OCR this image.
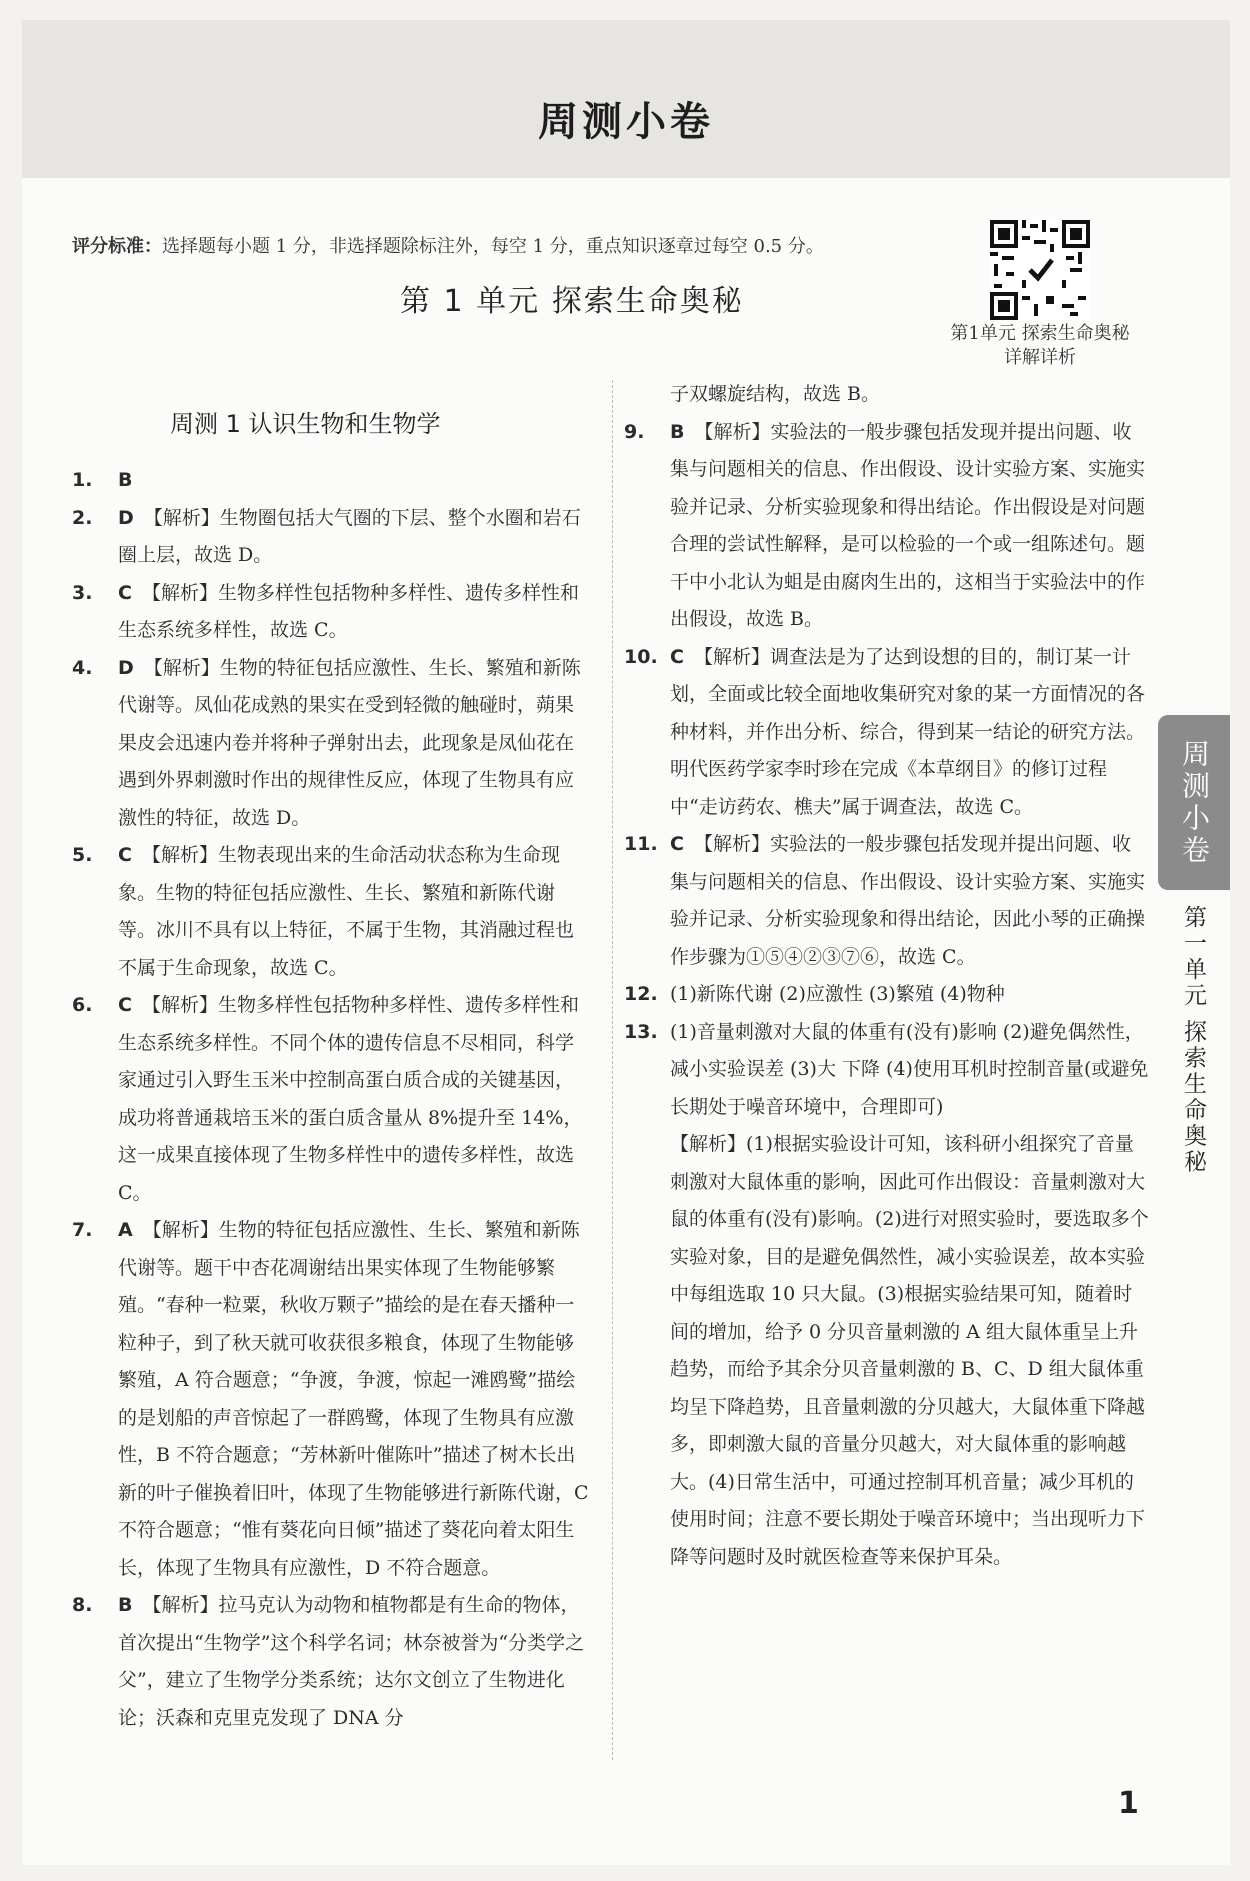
周测小卷
评分标准：选择题每小题 1 分，非选择题除标注外，每空 1 分，重点知识逐章过每空 0.5 分。
第 1 单元 探索生命奥秘
第1单元 探索生命奥秘
详解详析
周测 1 认识生物和生物学
1. B
2. D 【解析】生物圈包括大气圈的下层、整个水圈和岩石圈上层，故选 D。
3. C 【解析】生物多样性包括物种多样性、遗传多样性和生态系统多样性，故选 C。
4. D 【解析】生物的特征包括应激性、生长、繁殖和新陈代谢等。凤仙花成熟的果实在受到轻微的触碰时，蒴果果皮会迅速内卷并将种子弹射出去，此现象是凤仙花在遇到外界刺激时作出的规律性反应，体现了生物具有应激性的特征，故选 D。
5. C 【解析】生物表现出来的生命活动状态称为生命现象。生物的特征包括应激性、生长、繁殖和新陈代谢等。冰川不具有以上特征，不属于生物，其消融过程也不属于生命现象，故选 C。
6. C 【解析】生物多样性包括物种多样性、遗传多样性和生态系统多样性。不同个体的遗传信息不尽相同，科学家通过引入野生玉米中控制高蛋白质合成的关键基因，成功将普通栽培玉米的蛋白质含量从 8%提升至 14%，这一成果直接体现了生物多样性中的遗传多样性，故选 C。
7. A 【解析】生物的特征包括应激性、生长、繁殖和新陈代谢等。题干中杏花凋谢结出果实体现了生物能够繁殖。“春种一粒粟，秋收万颗子”描绘的是在春天播种一粒种子，到了秋天就可收获很多粮食，体现了生物能够繁殖，A 符合题意；“争渡，争渡，惊起一滩鸥鹭”描绘的是划船的声音惊起了一群鸥鹭，体现了生物具有应激性，B 不符合题意；“芳林新叶催陈叶”描述了树木长出新的叶子催换着旧叶，体现了生物能够进行新陈代谢，C 不符合题意；“惟有葵花向日倾”描述了葵花向着太阳生长，体现了生物具有应激性，D 不符合题意。
8. B 【解析】拉马克认为动物和植物都是有生命的物体，首次提出“生物学”这个科学名词；林奈被誉为“分类学之父”，建立了生物学分类系统；达尔文创立了生物进化论；沃森和克里克发现了 DNA 分
子双螺旋结构，故选 B。
9. B 【解析】实验法的一般步骤包括发现并提出问题、收集与问题相关的信息、作出假设、设计实验方案、实施实验并记录、分析实验现象和得出结论。作出假设是对问题合理的尝试性解释，是可以检验的一个或一组陈述句。题干中小北认为蛆是由腐肉生出的，这相当于实验法中的作出假设，故选 B。
10. C 【解析】调查法是为了达到设想的目的，制订某一计划，全面或比较全面地收集研究对象的某一方面情况的各种材料，并作出分析、综合，得到某一结论的研究方法。明代医药学家李时珍在完成《本草纲目》的修订过程中“走访药农、樵夫”属于调查法，故选 C。
11. C 【解析】实验法的一般步骤包括发现并提出问题、收集与问题相关的信息、作出假设、设计实验方案、实施实验并记录、分析实验现象和得出结论，因此小琴的正确操作步骤为①⑤④②③⑦⑥，故选 C。
12. (1)新陈代谢 (2)应激性 (3)繁殖 (4)物种
13. (1)音量刺激对大鼠的体重有(没有)影响 (2)避免偶然性，减小实验误差 (3)大 下降 (4)使用耳机时控制音量(或避免长期处于噪音环境中，合理即可)
【解析】(1)根据实验设计可知，该科研小组探究了音量刺激对大鼠体重的影响，因此可作出假设：音量刺激对大鼠的体重有(没有)影响。(2)进行对照实验时，要选取多个实验对象，目的是避免偶然性，减小实验误差，故本实验中每组选取 10 只大鼠。(3)根据实验结果可知，随着时间的增加，给予 0 分贝音量刺激的 A 组大鼠体重呈上升趋势，而给予其余分贝音量刺激的 B、C、D 组大鼠体重均呈下降趋势，且音量刺激的分贝越大，大鼠体重下降越多，即刺激大鼠的音量分贝越大，对大鼠体重的影响越大。(4)日常生活中，可通过控制耳机音量；减少耳机的使用时间；注意不要长期处于噪音环境中；当出现听力下降等问题时及时就医检查等来保护耳朵。
周测小卷
第一单元 探索生命奥秘
1
